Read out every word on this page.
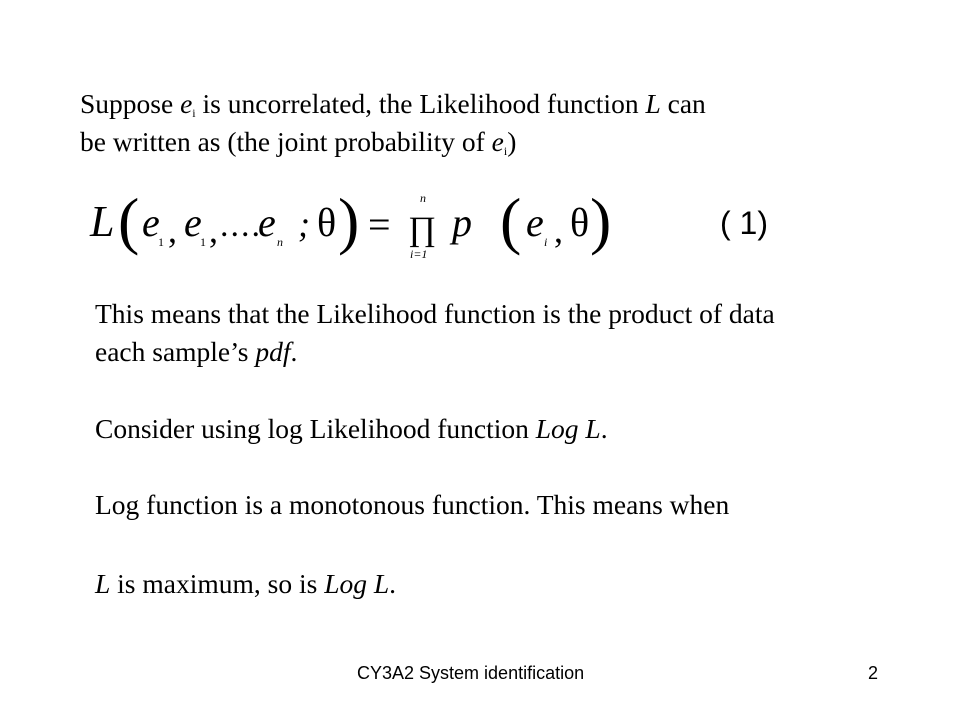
Suppose ei is uncorrelated, the Likelihood function L can
be written as (the joint probability of ei)
L ( e
1 , e
1 , ....
e n ; θ ) =
n
∏
i=1
p ( e i , θ )	( 1)
This means that the Likelihood function is the product of data
each sample’s pdf.
Consider using log Likelihood function Log L.
Log function is a monotonous function. This means when
L is maximum, so is Log L.
CY3A2 System identification	2
